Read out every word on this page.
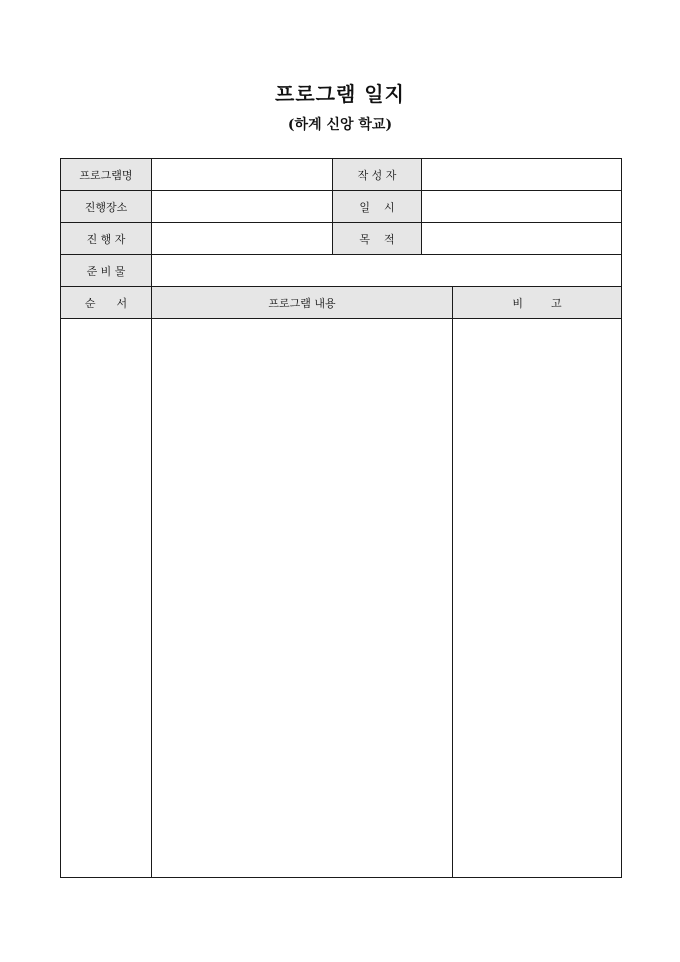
프로그램 일지
(하계 신앙 학교)
프로그램명		작 성 자		
진행장소		일    시		
진 행 자		목    적		
준 비 물				
순      서	프로그램 내용			비        고
